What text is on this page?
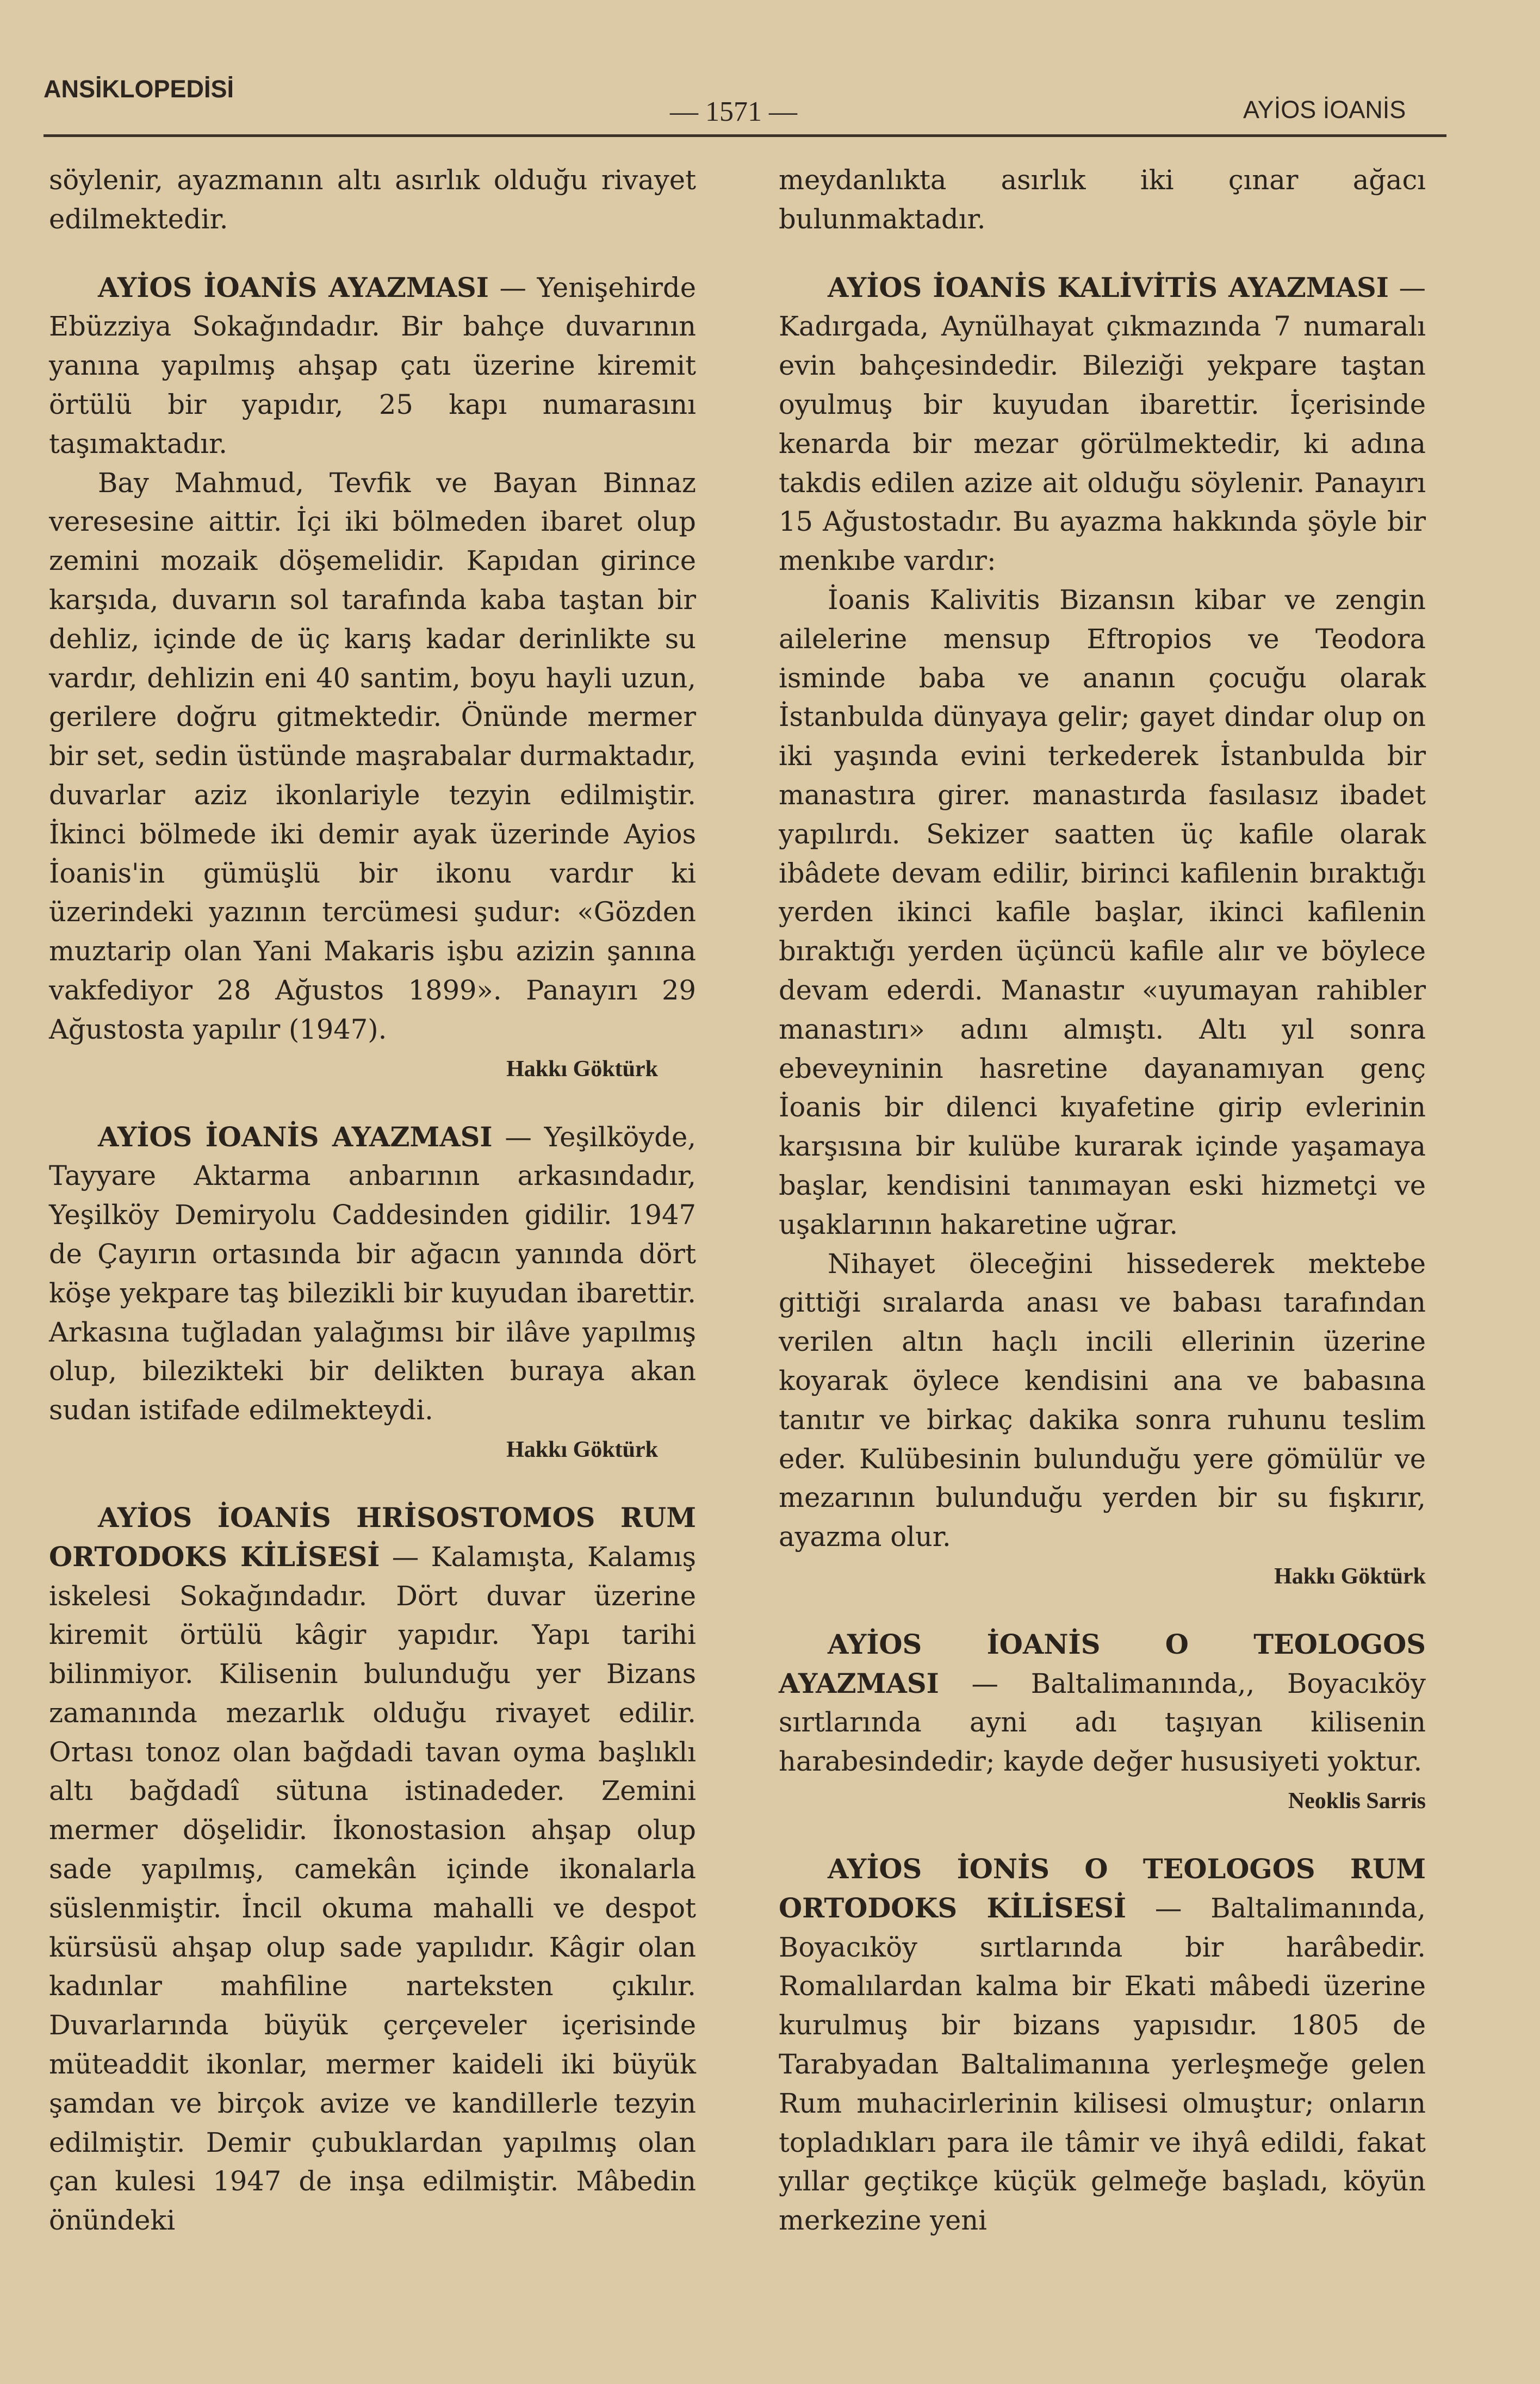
ANSİKLOPEDİSİ
— 1571 —	AYİOS İOANİS

söylenir, ayazmanın altı asırlık olduğu rivayet edilmektedir.

AYİOS İOANİS AYAZMASI — Yenişehirde Ebüzziya Sokağındadır. Bir bahçe duvarının yanına yapılmış ahşap çatı üzerine kiremit örtülü bir yapıdır, 25 kapı numarasını taşımaktadır.

Bay Mahmud, Tevfik ve Bayan Binnaz veresesine aittir. İçi iki bölmeden ibaret olup zemini mozaik döşemelidir. Kapıdan girince karşıda, duvarın sol tarafında kaba taştan bir dehliz, içinde de üç karış kadar derinlikte su vardır, dehlizin eni 40 santim, boyu hayli uzun, gerilere doğru gitmektedir. Önünde mermer bir set, sedin üstünde maşrabalar durmaktadır, duvarlar aziz ikonlariyle tezyin edilmiştir. İkinci bölmede iki demir ayak üzerinde Ayios İoanis'in gümüşlü bir ikonu vardır ki üzerindeki yazının tercümesi şudur: «Gözden muztarip olan Yani Makaris işbu azizin şanına vakfediyor 28 Ağustos 1899». Panayırı 29 Ağustosta yapılır (1947).

Hakkı Göktürk

AYİOS İOANİS AYAZMASI — Yeşilköyde, Tayyare Aktarma anbarının arkasındadır, Yeşilköy Demiryolu Caddesinden gidilir. 1947 de Çayırın ortasında bir ağacın yanında dört köşe yekpare taş bilezikli bir kuyudan ibarettir. Arkasına tuğladan yalağımsı bir ilâve yapılmış olup, bilezikteki bir delikten buraya akan sudan istifade edilmekteydi.

Hakkı Göktürk

AYİOS İOANİS HRİSOSTOMOS RUM ORTODOKS KİLİSESİ — Kalamışta, Kalamış iskelesi Sokağındadır. Dört duvar üzerine kiremit örtülü kâgir yapıdır. Yapı tarihi bilinmiyor. Kilisenin bulunduğu yer Bizans zamanında mezarlık olduğu rivayet edilir. Ortası tonoz olan bağdadi tavan oyma başlıklı altı bağdadî sütuna istinadeder. Zemini mermer döşelidir. İkonostasion ahşap olup sade yapılmış, camekân içinde ikonalarla süslenmiştir. İncil okuma mahalli ve despot kürsüsü ahşap olup sade yapılıdır. Kâgir olan kadınlar mahfiline narteksten çıkılır. Duvarlarında büyük çerçeveler içerisinde müteaddit ikonlar, mermer kaideli iki büyük şamdan ve birçok avize ve kandillerle tezyin edilmiştir. Demir çubuklardan yapılmış olan çan kulesi 1947 de inşa edilmiştir. Mâbedin önündeki

meydanlıkta asırlık iki çınar ağacı bulunmaktadır.

AYİOS İOANİS KALİVİTİS AYAZMASI — Kadırgada, Aynülhayat çıkmazında 7 numaralı evin bahçesindedir. Bileziği yekpare taştan oyulmuş bir kuyudan ibarettir. İçerisinde kenarda bir mezar görülmektedir, ki adına takdis edilen azize ait olduğu söylenir. Panayırı 15 Ağustostadır. Bu ayazma hakkında şöyle bir menkıbe vardır:

İoanis Kalivitis Bizansın kibar ve zengin ailelerine mensup Eftropios ve Teodora isminde baba ve ananın çocuğu olarak İstanbulda dünyaya gelir; gayet dindar olup on iki yaşında evini terkederek İstanbulda bir manastıra girer. manastırda fasılasız ibadet yapılırdı. Sekizer saatten üç kafile olarak ibâdete devam edilir, birinci kafilenin bıraktığı yerden ikinci kafile başlar, ikinci kafilenin bıraktığı yerden üçüncü kafile alır ve böylece devam ederdi. Manastır «uyumayan rahibler manastırı» adını almıştı. Altı yıl sonra ebeveyninin hasretine dayanamıyan genç İoanis bir dilenci kıyafetine girip evlerinin karşısına bir kulübe kurarak içinde yaşamaya başlar, kendisini tanımayan eski hizmetçi ve uşaklarının hakaretine uğrar.

Nihayet öleceğini hissederek mektebe gittiği sıralarda anası ve babası tarafından verilen altın haçlı incili ellerinin üzerine koyarak öylece kendisini ana ve babasına tanıtır ve birkaç dakika sonra ruhunu teslim eder. Kulübesinin bulunduğu yere gömülür ve mezarının bulunduğu yerden bir su fışkırır, ayazma olur.

Hakkı Göktürk

AYİOS İOANİS O TEOLOGOS AYAZMASI — Baltalimanında,, Boyacıköy sırtlarında ayni adı taşıyan kilisenin harabesindedir; kayde değer hususiyeti yoktur.

Neoklis Sarris

AYİOS İONİS O TEOLOGOS RUM ORTODOKS KİLİSESİ — Baltalimanında, Boyacıköy sırtlarında bir harâbedir. Romalılardan kalma bir Ekati mâbedi üzerine kurulmuş bir bizans yapısıdır. 1805 de Tarabyadan Baltalimanına yerleşmeğe gelen Rum muhacirlerinin kilisesi olmuştur; onların topladıkları para ile tâmir ve ihyâ edildi, fakat yıllar geçtikçe küçük gelmeğe başladı, köyün merkezine yeni
